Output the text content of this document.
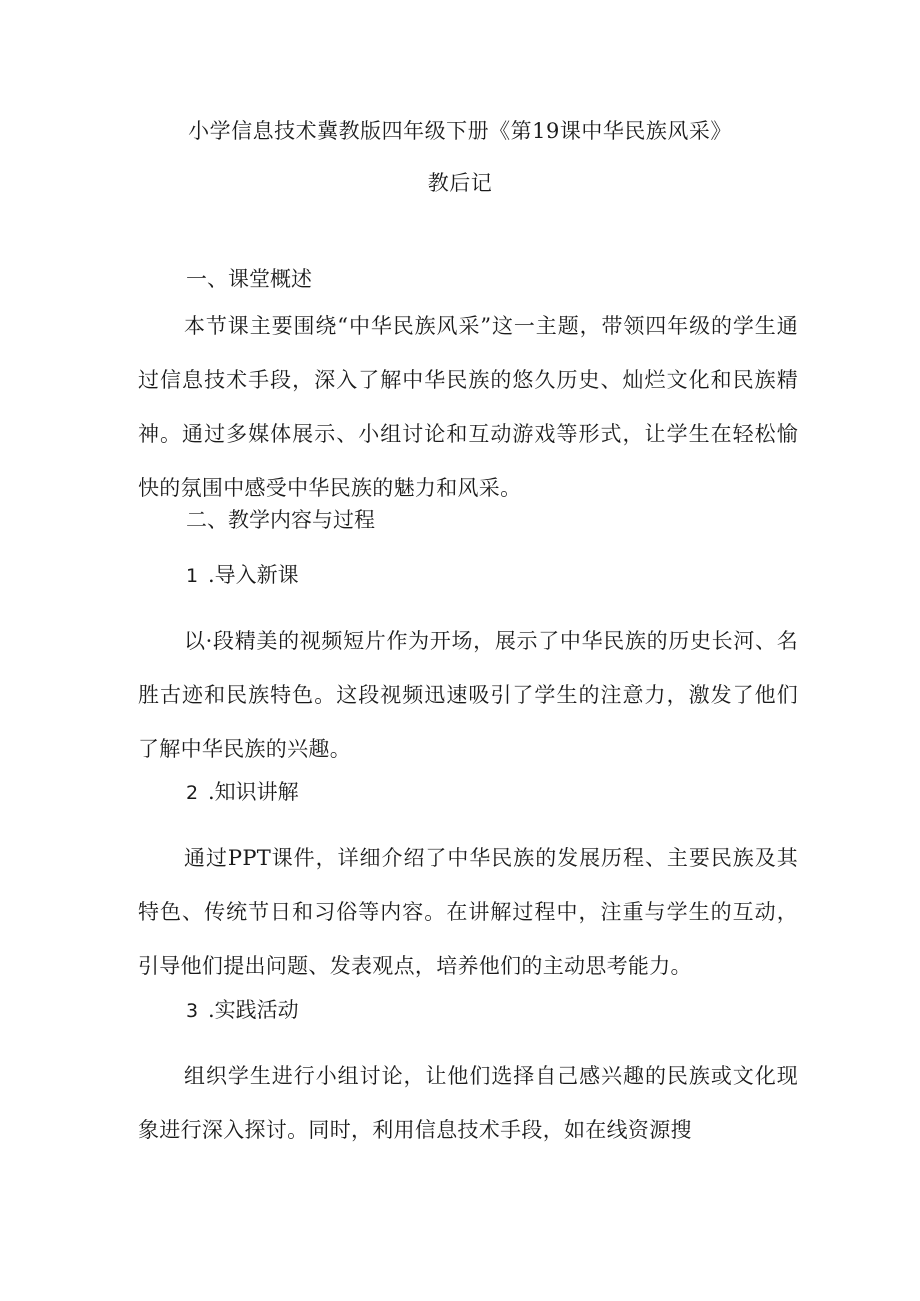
小学信息技术冀教版四年级下册《第19课中华民族风采》
教后记
一、课堂概述
本节课主要围绕“中华民族风采”这一主题，带领四年级的学生通过信息技术手段，深入了解中华民族的悠久历史、灿烂文化和民族精神。通过多媒体展示、小组讨论和互动游戏等形式，让学生在轻松愉快的氛围中感受中华民族的魅力和风采。
二、教学内容与过程
1 .导入新课
以·段精美的视频短片作为开场，展示了中华民族的历史长河、名胜古迹和民族特色。这段视频迅速吸引了学生的注意力，激发了他们了解中华民族的兴趣。
2 .知识讲解
通过PPT课件，详细介绍了中华民族的发展历程、主要民族及其特色、传统节日和习俗等内容。在讲解过程中，注重与学生的互动，引导他们提出问题、发表观点，培养他们的主动思考能力。
3 .实践活动
组织学生进行小组讨论，让他们选择自己感兴趣的民族或文化现象进行深入探讨。同时，利用信息技术手段，如在线资源搜
